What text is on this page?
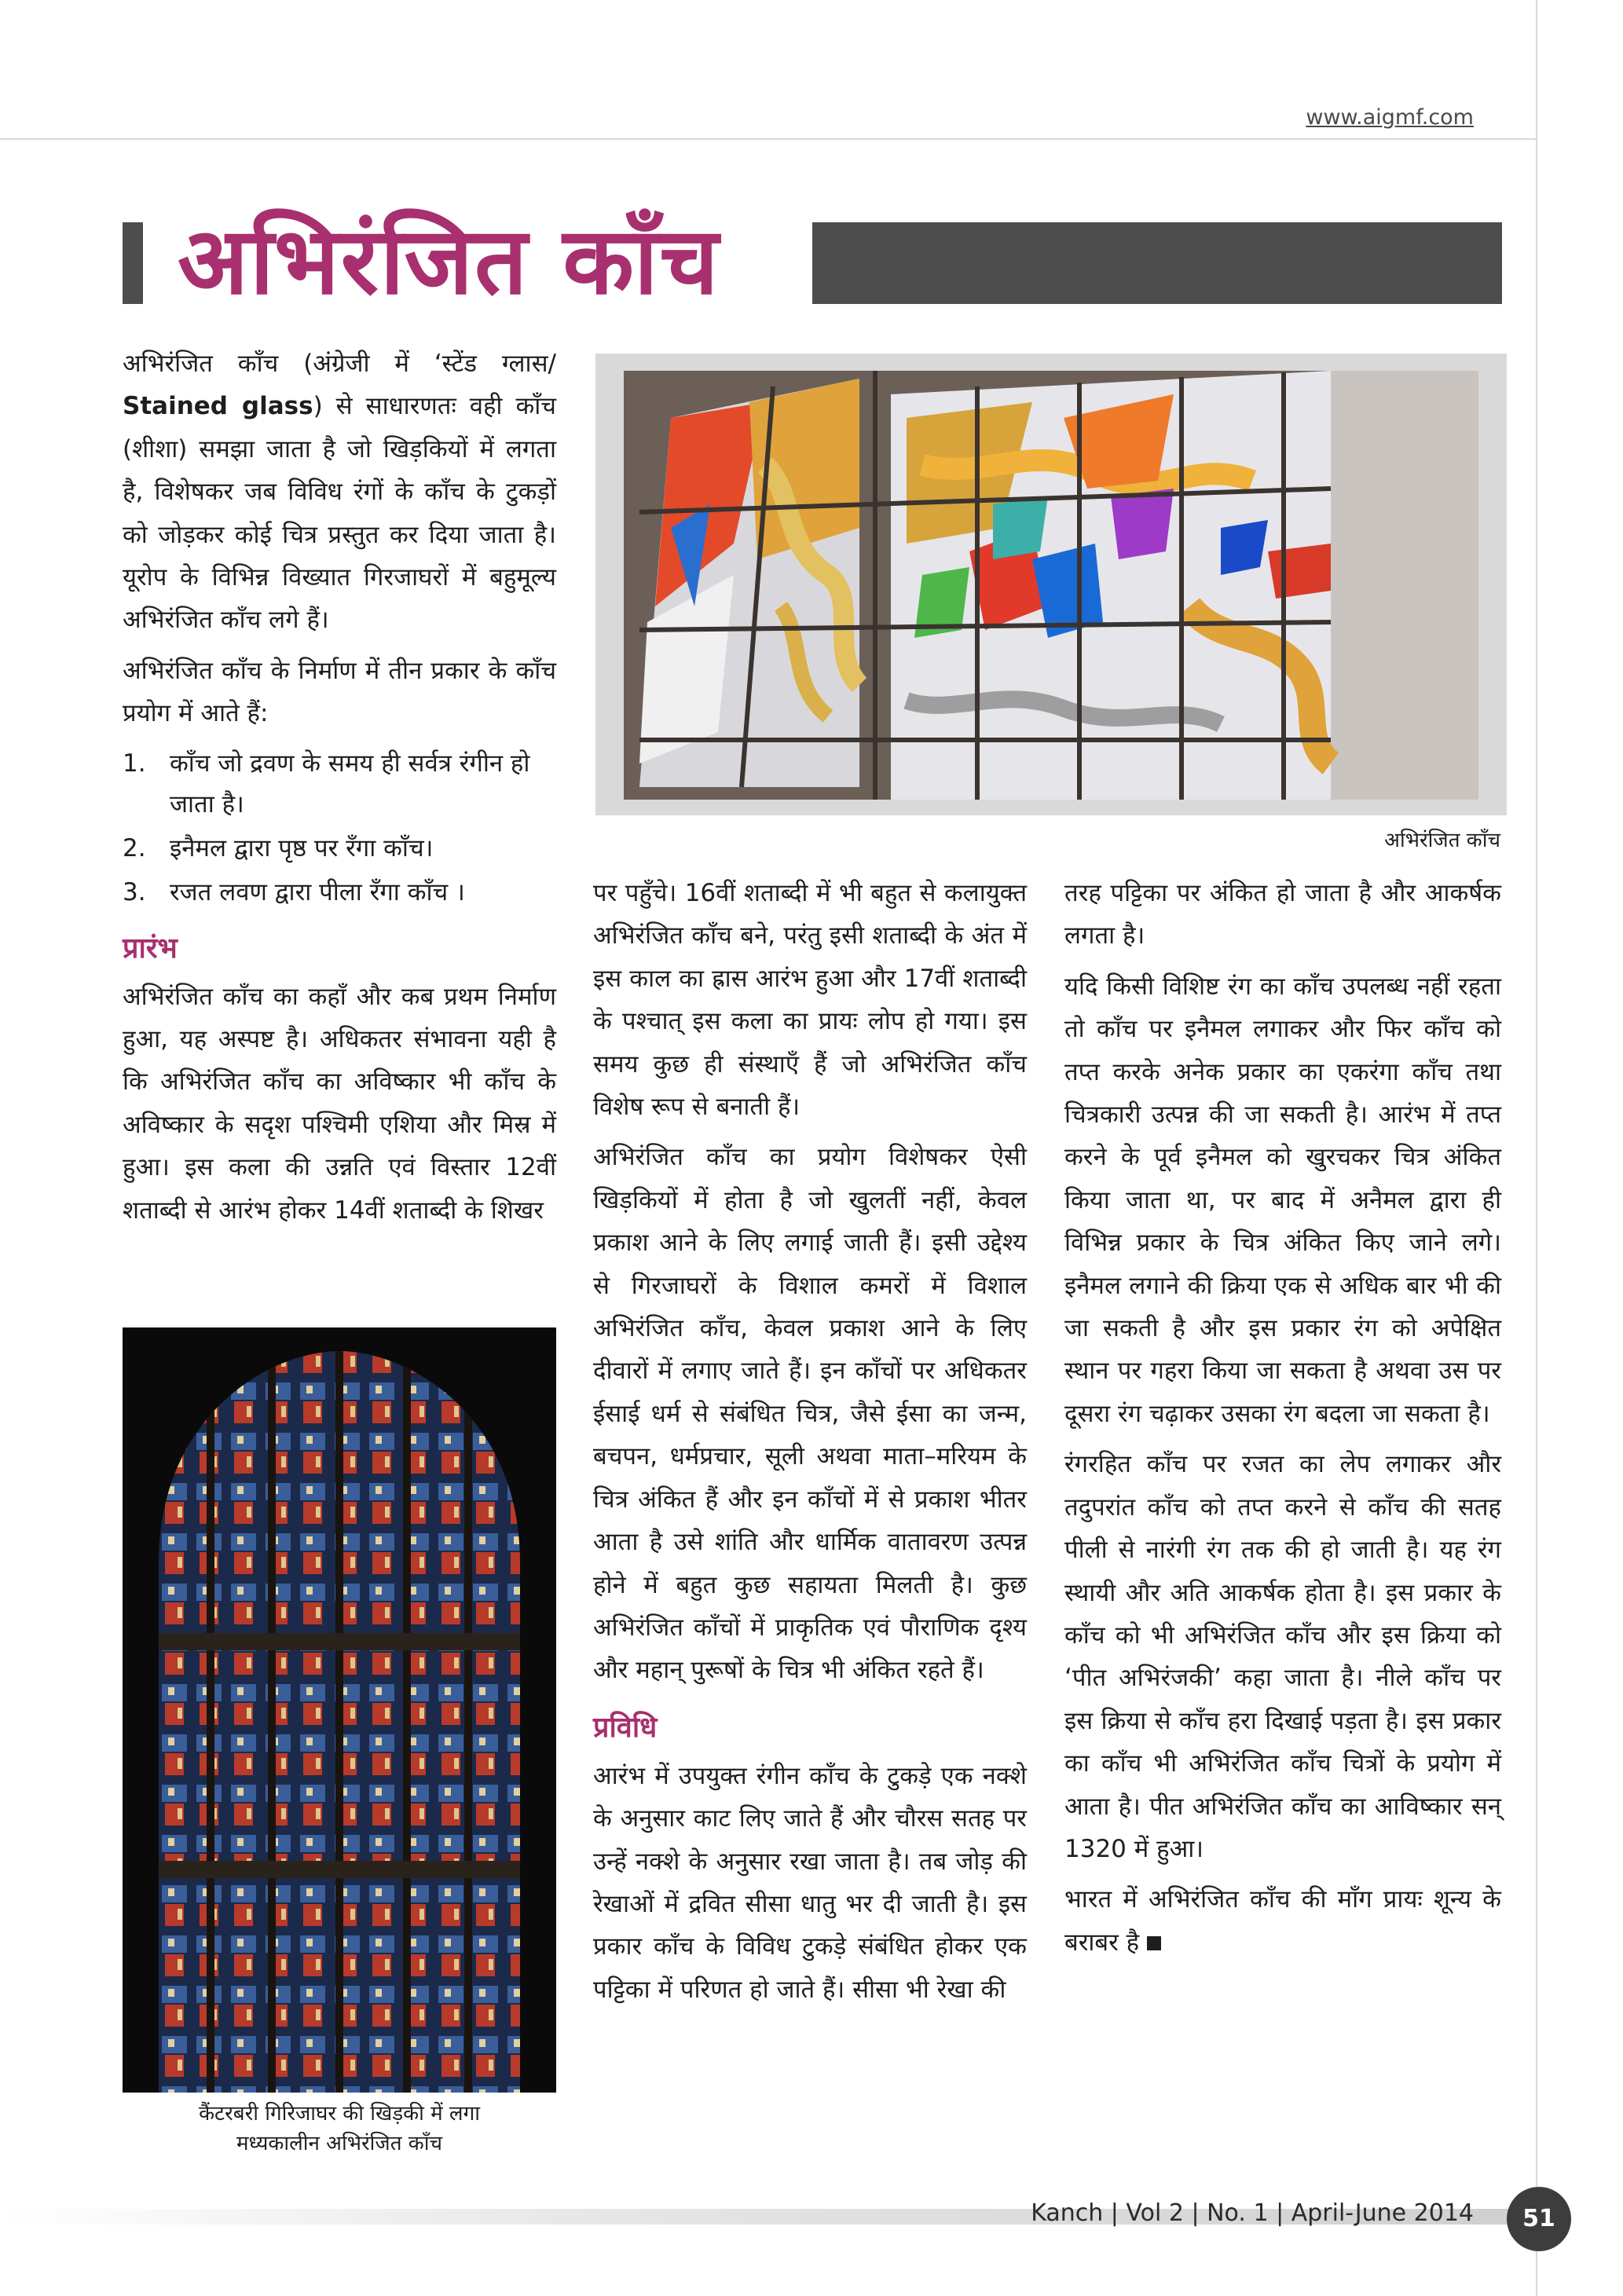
www.aigmf.com
अभिरंजित काँच

अभिरंजित काँच (अंग्रेजी में ‘स्टेंड ग्लास/ Stained glass) से साधारणतः वही काँच (शीशा) समझा जाता है जो खिड़कियों में लगता है, विशेषकर जब विविध रंगों के काँच के टुकड़ों को जोड़कर कोई चित्र प्रस्तुत कर दिया जाता है। यूरोप के विभिन्न विख्यात गिरजाघरों में बहुमूल्य अभिरंजित काँच लगे हैं।

अभिरंजित काँच के निर्माण में तीन प्रकार के काँच प्रयोग में आते हैं:

1. काँच जो द्रवण के समय ही सर्वत्र रंगीन हो जाता है।
2. इनैमल द्वारा पृष्ठ पर रँगा काँच।
3. रजत लवण द्वारा पीला रँगा काँच ।
प्रारंभ

अभिरंजित काँच का कहाँ और कब प्रथम निर्माण हुआ, यह अस्पष्ट है। अधिकतर संभावना यही है कि अभिरंजित काँच का अविष्कार भी काँच के अविष्कार के सदृश पश्चिमी एशिया और मिस्र में हुआ। इस कला की उन्नति एवं विस्तार 12वीं शताब्दी से आरंभ होकर 14वीं शताब्दी के शिखर

अभिरंजित काँच
कैंटरबरी गिरिजाघर की खिड़की में लगा
मध्यकालीन अभिरंजित काँच

पर पहुँचे। 16वीं शताब्दी में भी बहुत से कलायुक्त अभिरंजित काँच बने, परंतु इसी शताब्दी के अंत में इस काल का ह्रास आरंभ हुआ और 17वीं शताब्दी के पश्चात् इस कला का प्रायः लोप हो गया। इस समय कुछ ही संस्थाएँ हैं जो अभिरंजित काँच विशेष रूप से बनाती हैं।

अभिरंजित काँच का प्रयोग विशेषकर ऐसी खिड़कियों में होता है जो खुलतीं नहीं, केवल प्रकाश आने के लिए लगाई जाती हैं। इसी उद्देश्य से गिरजाघरों के विशाल कमरों में विशाल अभिरंजित काँच, केवल प्रकाश आने के लिए दीवारों में लगाए जाते हैं। इन काँचों पर अधिकतर ईसाई धर्म से संबंधित चित्र, जैसे ईसा का जन्म, बचपन, धर्मप्रचार, सूली अथवा माता–मरियम के चित्र अंकित हैं और इन काँचों में से प्रकाश भीतर आता है उसे शांति और धार्मिक वातावरण उत्पन्न होने में बहुत कुछ सहायता मिलती है। कुछ अभिरंजित काँचों में प्राकृतिक एवं पौराणिक दृश्य और महान् पुरूषों के चित्र भी अंकित रहते हैं।

प्रविधि

आरंभ में उपयुक्त रंगीन काँच के टुकड़े एक नक्शे के अनुसार काट लिए जाते हैं और चौरस सतह पर उन्हें नक्शे के अनुसार रखा जाता है। तब जोड़ की रेखाओं में द्रवित सीसा धातु भर दी जाती है। इस प्रकार काँच के विविध टुकड़े संबंधित होकर एक पट्टिका में परिणत हो जाते हैं। सीसा भी रेखा की

तरह पट्टिका पर अंकित हो जाता है और आकर्षक लगता है।

यदि किसी विशिष्ट रंग का काँच उपलब्ध नहीं रहता तो काँच पर इनैमल लगाकर और फिर काँच को तप्त करके अनेक प्रकार का एकरंगा काँच तथा चित्रकारी उत्पन्न की जा सकती है। आरंभ में तप्त करने के पूर्व इनैमल को खुरचकर चित्र अंकित किया जाता था, पर बाद में अनैमल द्वारा ही विभिन्न प्रकार के चित्र अंकित किए जाने लगे। इनैमल लगाने की क्रिया एक से अधिक बार भी की जा सकती है और इस प्रकार रंग को अपेक्षित स्थान पर गहरा किया जा सकता है अथवा उस पर दूसरा रंग चढ़ाकर उसका रंग बदला जा सकता है।

रंगरहित काँच पर रजत का लेप लगाकर और तदुपरांत काँच को तप्त करने से काँच की सतह पीली से नारंगी रंग तक की हो जाती है। यह रंग स्थायी और अति आकर्षक होता है। इस प्रकार के काँच को भी अभिरंजित काँच और इस क्रिया को ‘पीत अभिरंजकी’ कहा जाता है। नीले काँच पर इस क्रिया से काँच हरा दिखाई पड़ता है। इस प्रकार का काँच भी अभिरंजित काँच चित्रों के प्रयोग में आता है। पीत अभिरंजित काँच का आविष्कार सन् 1320 में हुआ।

भारत में अभिरंजित काँच की माँग प्रायः शून्य के बराबर है

Kanch | Vol 2 | No. 1 | April-June 2014	51
